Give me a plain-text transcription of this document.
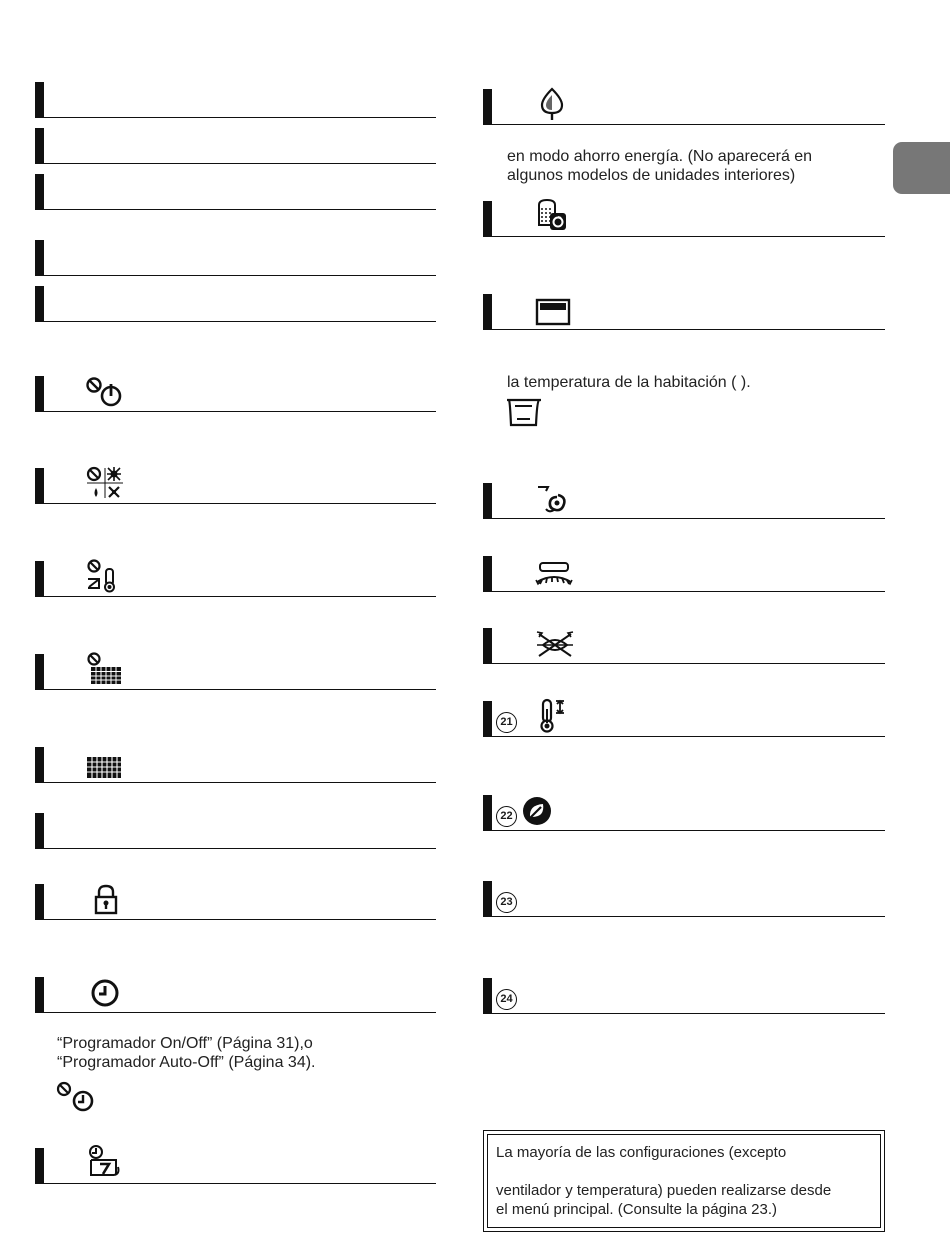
“Programador On/Off” (Página 31),o
“Programador Auto-Off” (Página 34).
en modo ahorro energía. (No aparecerá en
algunos modelos de unidades interiores)
la temperatura de la habitación ( ).
21
22
23
24
La mayoría de las configuraciones (excepto
ventilador y temperatura) pueden realizarse desde
el menú principal. (Consulte la página 23.)
